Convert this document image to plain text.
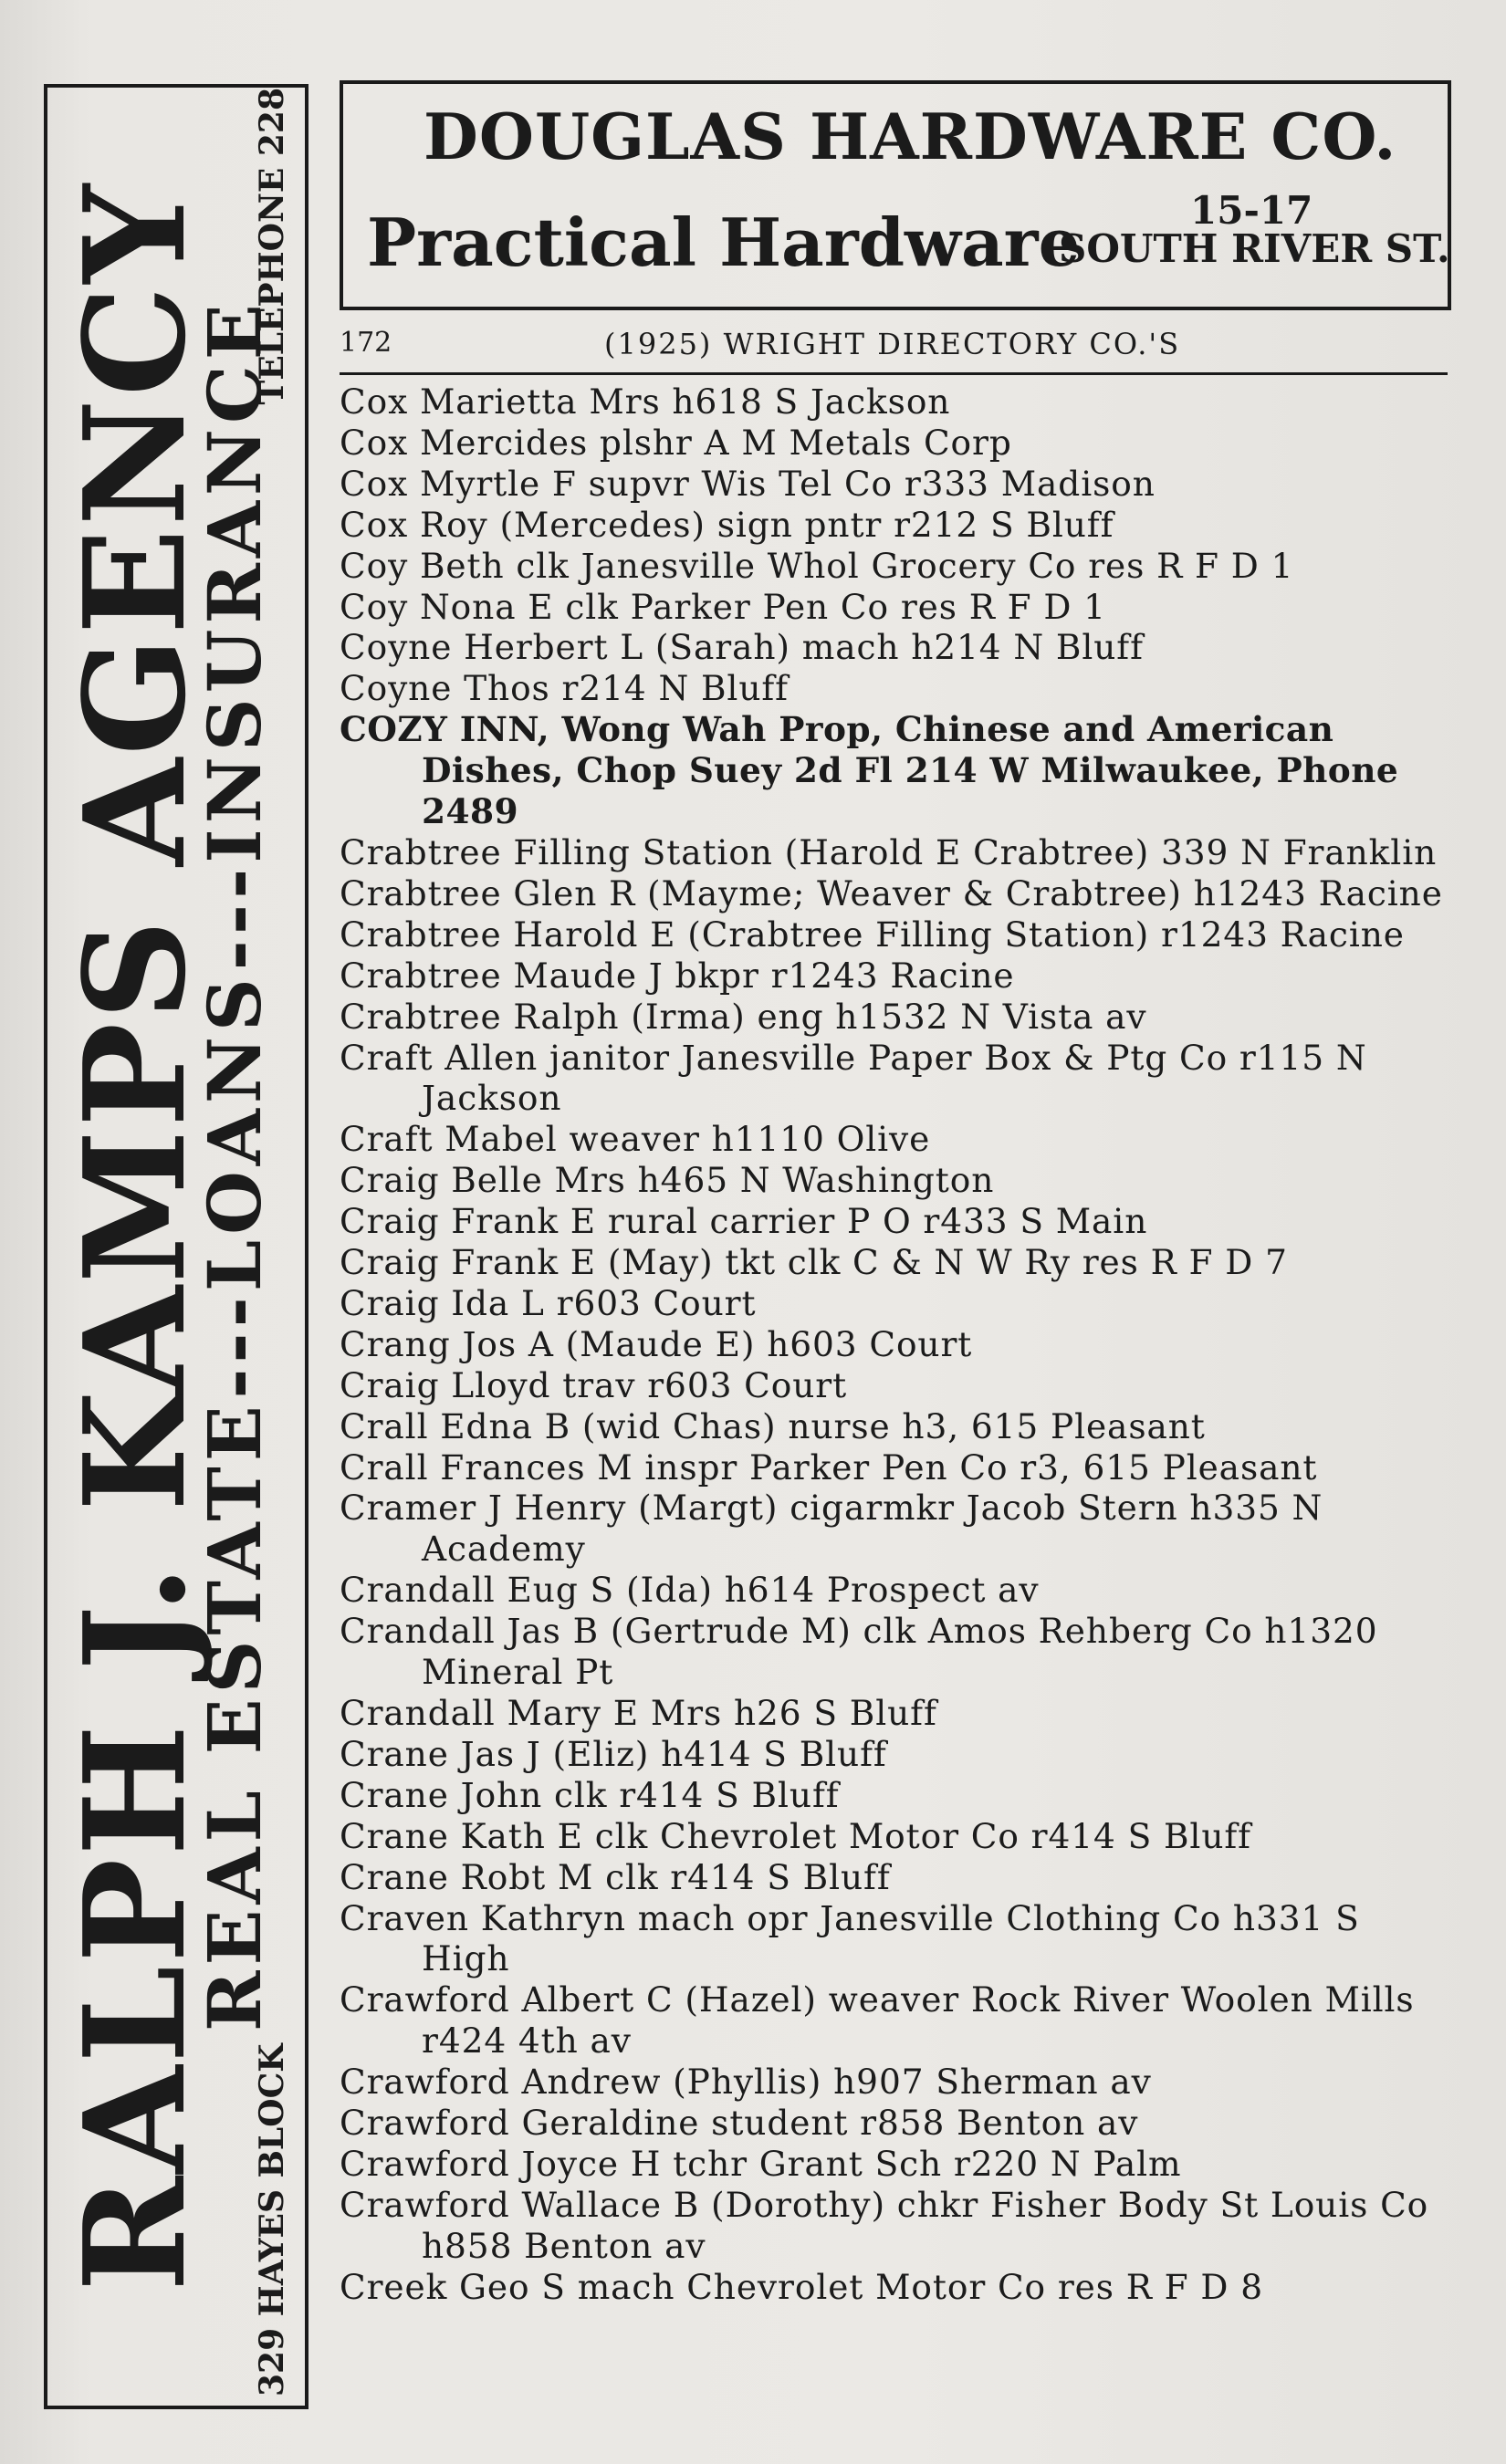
RALPH J. KAMPS AGENCY
REAL ESTATE---LOANS---INSURANCE
329 HAYES BLOCK
TELEPHONE 228 DOUGLAS HARDWARE CO.
Practical Hardware	15-17
SOUTH RIVER ST.
172	(1925) WRIGHT DIRECTORY CO.'S
Cox Marietta Mrs h618 S Jackson
Cox Mercides plshr A M Metals Corp
Cox Myrtle F supvr Wis Tel Co r333 Madison
Cox Roy (Mercedes) sign pntr r212 S Bluff
Coy Beth clk Janesville Whol Grocery Co res R F D 1
Coy Nona E clk Parker Pen Co res R F D 1
Coyne Herbert L (Sarah) mach h214 N Bluff
Coyne Thos r214 N Bluff
COZY INN, Wong Wah Prop, Chinese and American Dishes, Chop Suey 2d Fl 214 W Milwaukee, Phone 2489
Crabtree Filling Station (Harold E Crabtree) 339 N Franklin
Crabtree Glen R (Mayme; Weaver & Crabtree) h1243 Racine
Crabtree Harold E (Crabtree Filling Station) r1243 Racine
Crabtree Maude J bkpr r1243 Racine
Crabtree Ralph (Irma) eng h1532 N Vista av
Craft Allen janitor Janesville Paper Box & Ptg Co r115 N Jackson
Craft Mabel weaver h1110 Olive
Craig Belle Mrs h465 N Washington
Craig Frank E rural carrier P O r433 S Main
Craig Frank E (May) tkt clk C & N W Ry res R F D 7
Craig Ida L r603 Court
Crang Jos A (Maude E) h603 Court
Craig Lloyd trav r603 Court
Crall Edna B (wid Chas) nurse h3, 615 Pleasant
Crall Frances M inspr Parker Pen Co r3, 615 Pleasant
Cramer J Henry (Margt) cigarmkr Jacob Stern h335 N Academy
Crandall Eug S (Ida) h614 Prospect av
Crandall Jas B (Gertrude M) clk Amos Rehberg Co h1320 Mineral Pt
Crandall Mary E Mrs h26 S Bluff
Crane Jas J (Eliz) h414 S Bluff
Crane John clk r414 S Bluff
Crane Kath E clk Chevrolet Motor Co r414 S Bluff
Crane Robt M clk r414 S Bluff
Craven Kathryn mach opr Janesville Clothing Co h331 S High
Crawford Albert C (Hazel) weaver Rock River Woolen Mills r424 4th av
Crawford Andrew (Phyllis) h907 Sherman av
Crawford Geraldine student r858 Benton av
Crawford Joyce H tchr Grant Sch r220 N Palm
Crawford Wallace B (Dorothy) chkr Fisher Body St Louis Co h858 Benton av
Creek Geo S mach Chevrolet Motor Co res R F D 8
